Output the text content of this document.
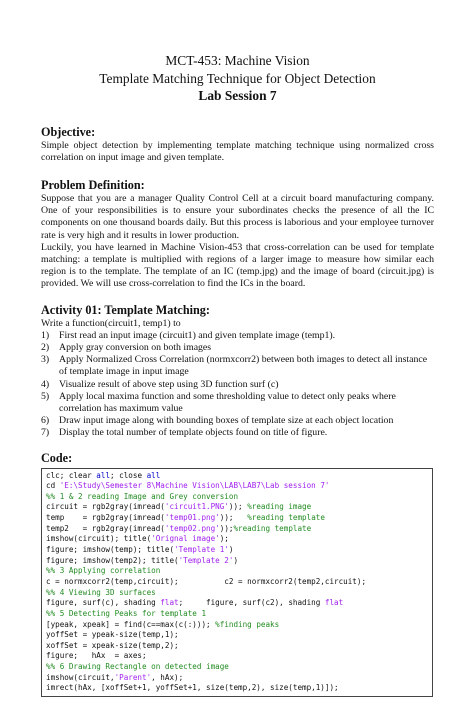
MCT-453: Machine Vision
Template Matching Technique for Object Detection
Lab Session 7
Objective:

Simple object detection by implementing template matching technique using normalized cross correlation on input image and given template.

Problem Definition:

Suppose that you are a manager Quality Control Cell at a circuit board manufacturing company. One of your responsibilities is to ensure your subordinates checks the presence of all the IC components on one thousand boards daily. But this process is laborious and your employee turnover rate is very high and it results in lower production.

Luckily, you have learned in Machine Vision-453 that cross-correlation can be used for template matching: a template is multiplied with regions of a larger image to measure how similar each region is to the template. The template of an IC (temp.jpg) and the image of board (circuit.jpg) is provided. We will use cross-correlation to find the ICs in the board.

Activity 01: Template Matching:

Write a function(circuit1, temp1) to

1)	First read an input image (circuit1) and given template image (temp1).
2)	Apply gray conversion on both images
3)	Apply Normalized Cross Correlation (normxcorr2) between both images to detect all instance of template image in input image
4)	Visualize result of above step using 3D function surf (c)
5)	Apply local maxima function and some thresholding value to detect only peaks where correlation has maximum value
6)	Draw input image along with bounding boxes of template size at each object location
7)	Display the total number of template objects found on title of figure.
Code:
clc; clear all; close all
cd 'E:\Study\Semester 8\Machine Vision\LAB\LAB7\Lab session 7'
%% 1 & 2 reading Image and Grey conversion
circuit = rgb2gray(imread('circuit1.PNG')); %reading image
temp    = rgb2gray(imread('temp01.png'));   %reading template
temp2   = rgb2gray(imread('temp02.png'));%reading template
imshow(circuit); title('Orignal image');
figure; imshow(temp); title('Template 1')
figure; imshow(temp2); title('Template 2')
%% 3 Applying correlation
c = normxcorr2(temp,circuit);          c2 = normxcorr2(temp2,circuit);
%% 4 Viewing 3D surfaces
figure, surf(c), shading flat;     figure, surf(c2), shading flat
%% 5 Detecting Peaks for template 1
[ypeak, xpeak] = find(c==max(c(:))); %finding peaks
yoffSet = ypeak-size(temp,1);
xoffSet = xpeak-size(temp,2);
figure;   hAx  = axes;
%% 6 Drawing Rectangle on detected image
imshow(circuit,'Parent', hAx);
imrect(hAx, [xoffSet+1, yoffSet+1, size(temp,2), size(temp,1)]);
